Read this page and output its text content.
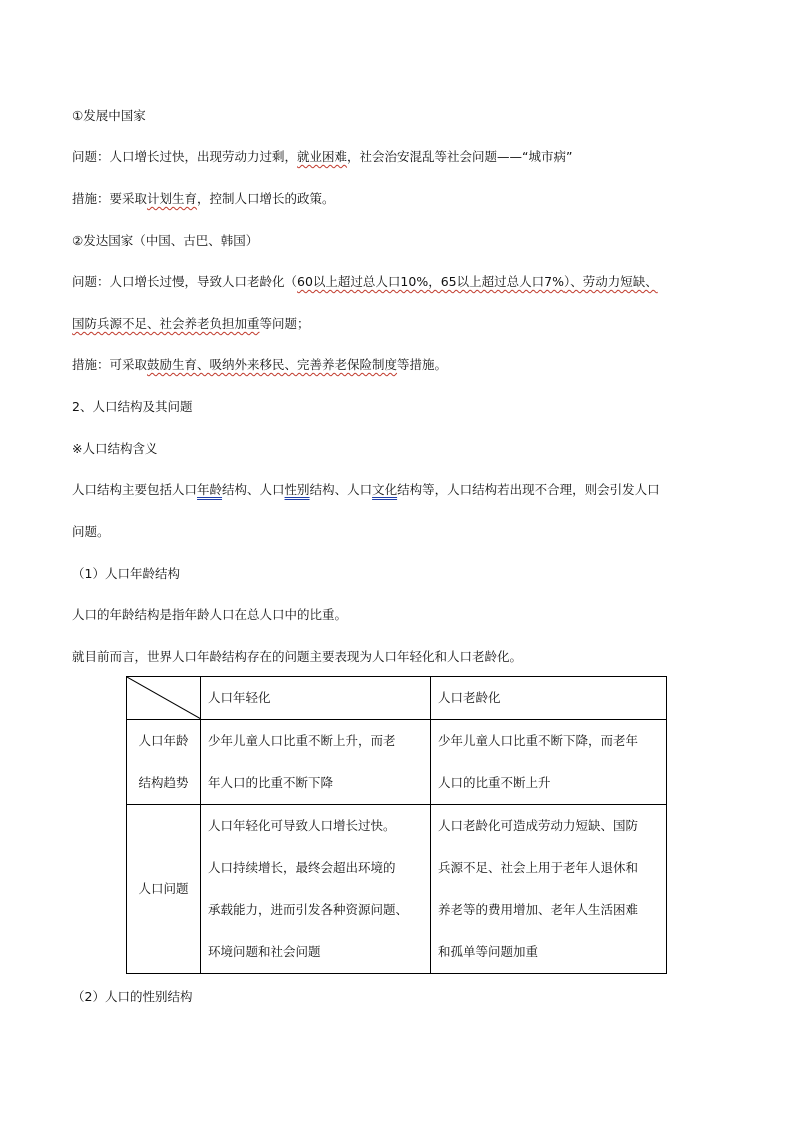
①发展中国家

问题：人口增长过快，出现劳动力过剩，就业困难，社会治安混乱等社会问题——“城市病”

措施：要采取计划生育，控制人口增长的政策。

②发达国家（中国、古巴、韩国）

问题：人口增长过慢，导致人口老龄化（60以上超过总人口10%，65以上超过总人口7%）、劳动力短缺、

国防兵源不足、社会养老负担加重等问题；

措施：可采取鼓励生育、吸纳外来移民、完善养老保险制度等措施。

2、人口结构及其问题

※人口结构含义

人口结构主要包括人口年龄结构、人口性别结构、人口文化结构等，人口结构若出现不合理，则会引发人口

问题。

（1）人口年龄结构

人口的年龄结构是指年龄人口在总人口中的比重。

就目前而言，世界人口年龄结构存在的问题主要表现为人口年轻化和人口老龄化。

	人口年轻化	人口老龄化

人口年龄
结构趋势	少年儿童人口比重不断上升，而老
年人口的比重不断下降	少年儿童人口比重不断下降，而老年
人口的比重不断上升

人口问题	人口年轻化可导致人口增长过快。
人口持续增长，最终会超出环境的
承载能力，进而引发各种资源问题、
环境问题和社会问题	人口老龄化可造成劳动力短缺、国防
兵源不足、社会上用于老年人退休和
养老等的费用增加、老年人生活困难
和孤单等问题加重

（2）人口的性别结构
